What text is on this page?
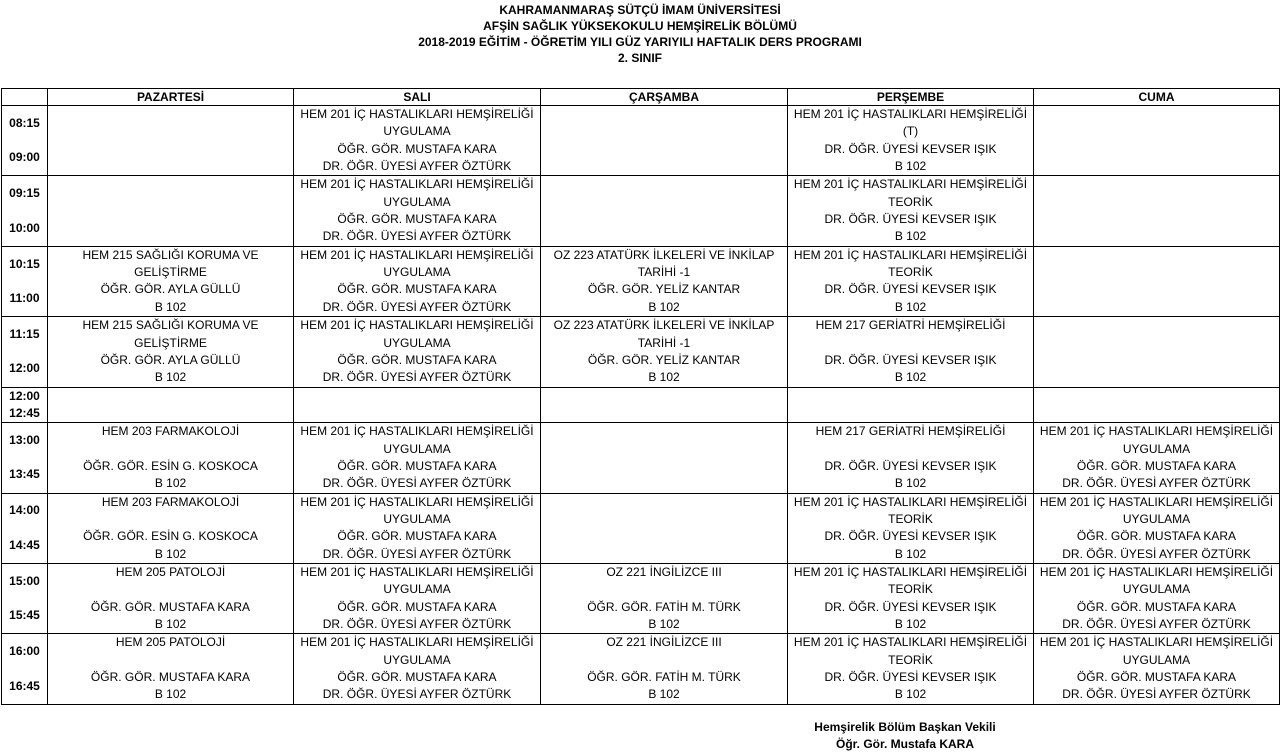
KAHRAMANMARAŞ SÜTÇÜ İMAM ÜNİVERSİTESİ
AFŞİN SAĞLIK YÜKSEKOKULU HEMŞİRELİK BÖLÜMÜ
2018-2019 EĞİTİM - ÖĞRETİM YILI GÜZ YARIYILI HAFTALIK DERS PROGRAMI
2. SINIF
	PAZARTESİ	SALI	ÇARŞAMBA	PERŞEMBE	CUMA

08:15
09:00		HEM 201 İÇ HASTALIKLARI HEMŞİRELİĞİ
UYGULAMA
ÖĞR. GÖR. MUSTAFA KARA
DR. ÖĞR. ÜYESİ AYFER ÖZTÜRK		HEM 201 İÇ HASTALIKLARI HEMŞİRELİĞİ
(T)
DR. ÖĞR. ÜYESİ KEVSER IŞIK
B 102	

09:15
10:00		HEM 201 İÇ HASTALIKLARI HEMŞİRELİĞİ
UYGULAMA
ÖĞR. GÖR. MUSTAFA KARA
DR. ÖĞR. ÜYESİ AYFER ÖZTÜRK		HEM 201 İÇ HASTALIKLARI HEMŞİRELİĞİ
TEORİK
DR. ÖĞR. ÜYESİ KEVSER IŞIK
B 102	

10:15
11:00	HEM 215 SAĞLIĞI KORUMA VE
GELİŞTİRME
ÖĞR. GÖR. AYLA GÜLLÜ
B 102	HEM 201 İÇ HASTALIKLARI HEMŞİRELİĞİ
UYGULAMA
ÖĞR. GÖR. MUSTAFA KARA
DR. ÖĞR. ÜYESİ AYFER ÖZTÜRK	OZ 223 ATATÜRK İLKELERİ VE İNKİLAP
TARİHİ -1
ÖĞR. GÖR. YELİZ KANTAR
B 102	HEM 201 İÇ HASTALIKLARI HEMŞİRELİĞİ
TEORİK
DR. ÖĞR. ÜYESİ KEVSER IŞIK
B 102	

11:15
12:00	HEM 215 SAĞLIĞI KORUMA VE
GELİŞTİRME
ÖĞR. GÖR. AYLA GÜLLÜ
B 102	HEM 201 İÇ HASTALIKLARI HEMŞİRELİĞİ
UYGULAMA
ÖĞR. GÖR. MUSTAFA KARA
DR. ÖĞR. ÜYESİ AYFER ÖZTÜRK	OZ 223 ATATÜRK İLKELERİ VE İNKİLAP
TARİHİ -1
ÖĞR. GÖR. YELİZ KANTAR
B 102	HEM 217 GERİATRİ HEMŞİRELİĞİ

DR. ÖĞR. ÜYESİ KEVSER IŞIK
B 102	

12:00
12:45					

13:00
13:45	HEM 203 FARMAKOLOJİ

ÖĞR. GÖR. ESİN G. KOSKOCA
B 102	HEM 201 İÇ HASTALIKLARI HEMŞİRELİĞİ
UYGULAMA
ÖĞR. GÖR. MUSTAFA KARA
DR. ÖĞR. ÜYESİ AYFER ÖZTÜRK		HEM 217 GERİATRİ HEMŞİRELİĞİ

DR. ÖĞR. ÜYESİ KEVSER IŞIK
B 102	HEM 201 İÇ HASTALIKLARI HEMŞİRELİĞİ
UYGULAMA
ÖĞR. GÖR. MUSTAFA KARA
DR. ÖĞR. ÜYESİ AYFER ÖZTÜRK

14:00
14:45	HEM 203 FARMAKOLOJİ

ÖĞR. GÖR. ESİN G. KOSKOCA
B 102	HEM 201 İÇ HASTALIKLARI HEMŞİRELİĞİ
UYGULAMA
ÖĞR. GÖR. MUSTAFA KARA
DR. ÖĞR. ÜYESİ AYFER ÖZTÜRK		HEM 201 İÇ HASTALIKLARI HEMŞİRELİĞİ
TEORİK
DR. ÖĞR. ÜYESİ KEVSER IŞIK
B 102	HEM 201 İÇ HASTALIKLARI HEMŞİRELİĞİ
UYGULAMA
ÖĞR. GÖR. MUSTAFA KARA
DR. ÖĞR. ÜYESİ AYFER ÖZTÜRK

15:00
15:45	HEM 205 PATOLOJİ

ÖĞR. GÖR. MUSTAFA KARA
B 102	HEM 201 İÇ HASTALIKLARI HEMŞİRELİĞİ
UYGULAMA
ÖĞR. GÖR. MUSTAFA KARA
DR. ÖĞR. ÜYESİ AYFER ÖZTÜRK	OZ 221 İNGİLİZCE III

ÖĞR. GÖR. FATİH M. TÜRK
B 102	HEM 201 İÇ HASTALIKLARI HEMŞİRELİĞİ
TEORİK
DR. ÖĞR. ÜYESİ KEVSER IŞIK
B 102	HEM 201 İÇ HASTALIKLARI HEMŞİRELİĞİ
UYGULAMA
ÖĞR. GÖR. MUSTAFA KARA
DR. ÖĞR. ÜYESİ AYFER ÖZTÜRK

16:00
16:45	HEM 205 PATOLOJİ

ÖĞR. GÖR. MUSTAFA KARA
B 102	HEM 201 İÇ HASTALIKLARI HEMŞİRELİĞİ
UYGULAMA
ÖĞR. GÖR. MUSTAFA KARA
DR. ÖĞR. ÜYESİ AYFER ÖZTÜRK	OZ 221 İNGİLİZCE III

ÖĞR. GÖR. FATİH M. TÜRK
B 102	HEM 201 İÇ HASTALIKLARI HEMŞİRELİĞİ
TEORİK
DR. ÖĞR. ÜYESİ KEVSER IŞIK
B 102	HEM 201 İÇ HASTALIKLARI HEMŞİRELİĞİ
UYGULAMA
ÖĞR. GÖR. MUSTAFA KARA
DR. ÖĞR. ÜYESİ AYFER ÖZTÜRK
Hemşirelik Bölüm Başkan Vekili
Öğr. Gör. Mustafa KARA
